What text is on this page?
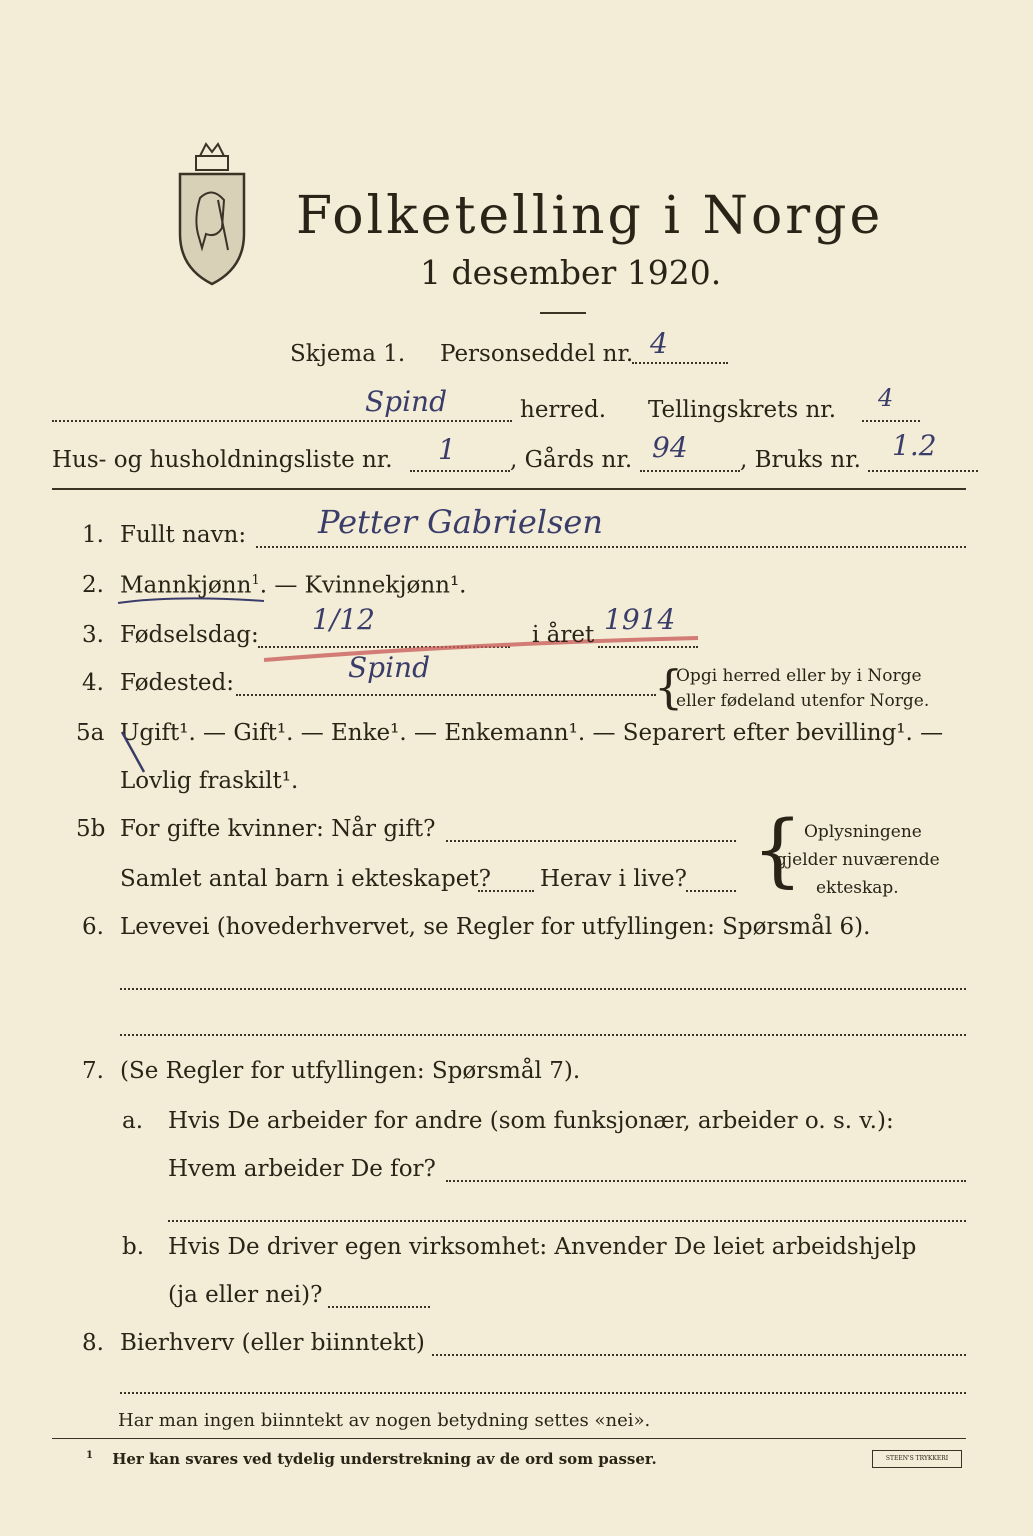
Folketelling i Norge
1 desember 1920.
Skjema 1. Personseddel nr. 4
Spind	herred. Tellingskrets nr. 4
Hus- og husholdningsliste nr. 1 , Gårds nr. 94 , Bruks nr. 1.2
1. Fullt navn: Petter Gabrielsen
2. Mannkjønn$^1$. — Kvinnekjønn¹.
3. Fødselsdag: 1/12	i året 1914
4. Fødested:	Spind	{
Opgi herred eller by i Norge
eller fødeland utenfor Norge.
5a Ugift¹. — Gift¹. — Enke¹. — Enkemann¹. — Separert efter bevilling¹. —
Lovlig fraskilt¹.
5b For gifte kvinner: Når gift?
Samlet antal barn i ekteskapet? Herav i live? { Oplysningene
gjelder nuværende
ekteskap.
6. Levevei (hovederhvervet, se Regler for utfyllingen: Spørsmål 6).
7. (Se Regler for utfyllingen: Spørsmål 7).
a. Hvis De arbeider for andre (som funksjonær, arbeider o. s. v.):
Hvem arbeider De for?
b. Hvis De driver egen virksomhet: Anvender De leiet arbeidshjelp
(ja eller nei)?
8. Bierhverv (eller biinntekt)
Har man ingen biinntekt av nogen betydning settes «nei».
$^1$ Her kan svares ved tydelig understrekning av de ord som passer.	STEEN'S TRYKKERI
